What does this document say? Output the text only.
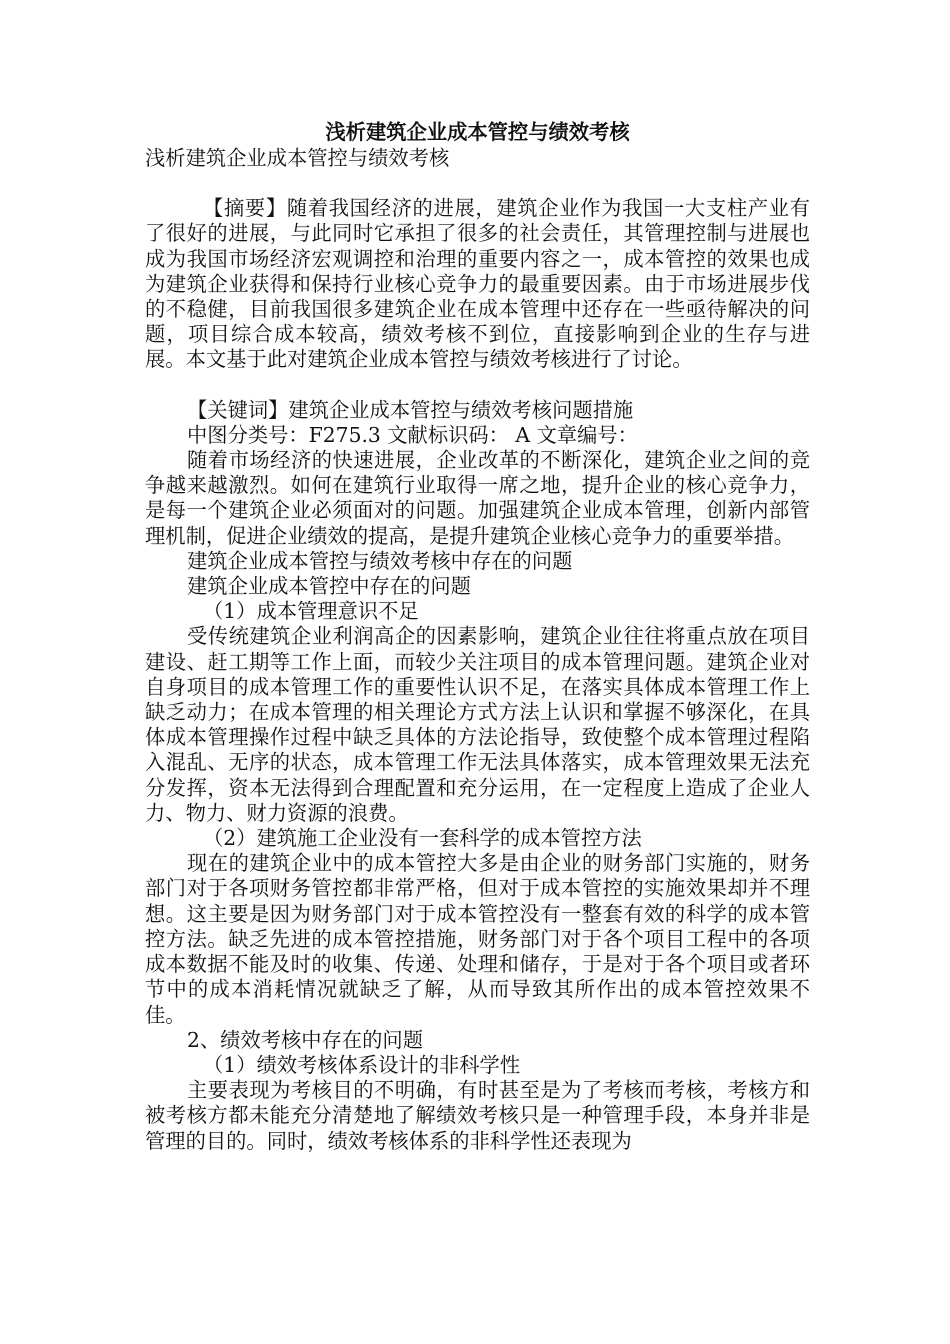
浅析建筑企业成本管控与绩效考核

浅析建筑企业成本管控与绩效考核

【摘要】随着我国经济的进展，建筑企业作为我国一大支柱产业有了很好的进展，与此同时它承担了很多的社会责任，其管理控制与进展也成为我国市场经济宏观调控和治理的重要内容之一，成本管控的效果也成为建筑企业获得和保持行业核心竞争力的最重要因素。由于市场进展步伐的不稳健，目前我国很多建筑企业在成本管理中还存在一些亟待解决的问题，项目综合成本较高，绩效考核不到位，直接影响到企业的生存与进展。本文基于此对建筑企业成本管控与绩效考核进行了讨论。

【关键词】建筑企业成本管控与绩效考核问题措施

中图分类号：F275.3 文献标识码： A 文章编号：

随着市场经济的快速进展，企业改革的不断深化，建筑企业之间的竞争越来越激烈。如何在建筑行业取得一席之地，提升企业的核心竞争力，是每一个建筑企业必须面对的问题。加强建筑企业成本管理，创新内部管理机制，促进企业绩效的提高，是提升建筑企业核心竞争力的重要举措。

建筑企业成本管控与绩效考核中存在的问题

建筑企业成本管控中存在的问题

（1）成本管理意识不足

受传统建筑企业利润高企的因素影响，建筑企业往往将重点放在项目建设、赶工期等工作上面，而较少关注项目的成本管理问题。建筑企业对自身项目的成本管理工作的重要性认识不足，在落实具体成本管理工作上缺乏动力；在成本管理的相关理论方式方法上认识和掌握不够深化，在具体成本管理操作过程中缺乏具体的方法论指导，致使整个成本管理过程陷入混乱、无序的状态，成本管理工作无法具体落实，成本管理效果无法充分发挥，资本无法得到合理配置和充分运用，在一定程度上造成了企业人力、物力、财力资源的浪费。

（2）建筑施工企业没有一套科学的成本管控方法

现在的建筑企业中的成本管控大多是由企业的财务部门实施的，财务部门对于各项财务管控都非常严格，但对于成本管控的实施效果却并不理想。这主要是因为财务部门对于成本管控没有一整套有效的科学的成本管控方法。缺乏先进的成本管控措施，财务部门对于各个项目工程中的各项成本数据不能及时的收集、传递、处理和储存，于是对于各个项目或者环节中的成本消耗情况就缺乏了解，从而导致其所作出的成本管控效果不佳。

2、绩效考核中存在的问题

（1）绩效考核体系设计的非科学性

主要表现为考核目的不明确，有时甚至是为了考核而考核，考核方和被考核方都未能充分清楚地了解绩效考核只是一种管理手段，本身并非是管理的目的。同时，绩效考核体系的非科学性还表现为
